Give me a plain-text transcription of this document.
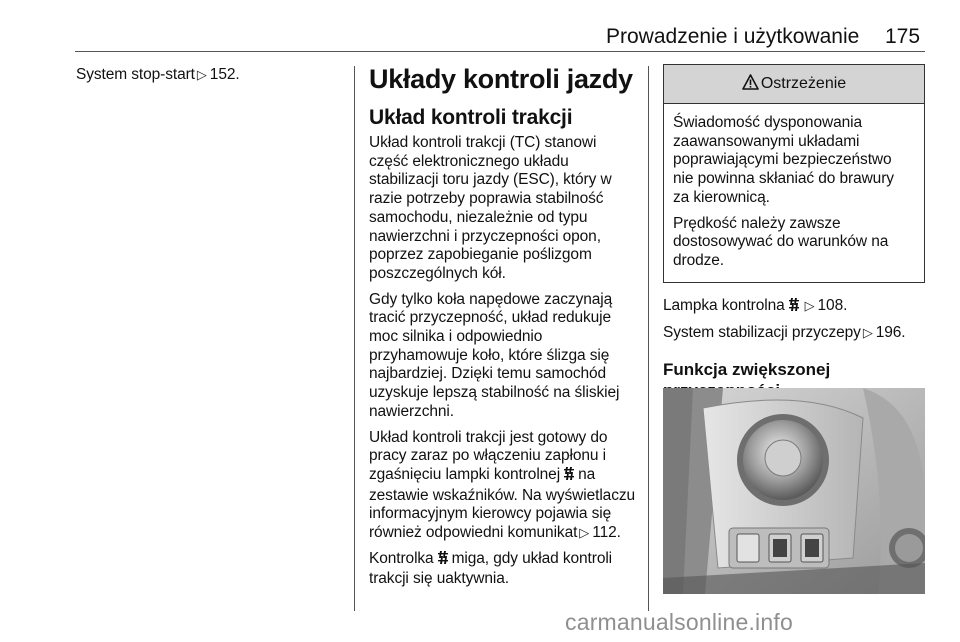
Prowadzenie i użytkowanie 175

System stop-start ▷ 152.	Układy kontroli jazdy
Układ kontroli trakcji

Układ kontroli trakcji (TC) stanowi część elektronicznego układu stabilizacji toru jazdy (ESC), który w razie potrzeby poprawia stabilność samochodu, niezależnie od typu nawierzchni i przyczepności opon, poprzez zapobieganie poślizgom poszczególnych kół.

Gdy tylko koła napędowe zaczynają tracić przyczepność, układ redukuje moc silnika i odpowiednio przyhamowuje koło, które ślizga się najbardziej. Dzięki temu samochód uzyskuje lepszą stabilność na śliskiej nawierzchni.

Układ kontroli trakcji jest gotowy do pracy zaraz po włączeniu zapłonu i zgaśnięciu lampki kontrolnej na zestawie wskaźników. Na wyświetlaczu informacyjnym kierowcy pojawia się również odpowiedni komunikat ▷ 112.

Kontrolka miga, gdy układ kontroli trakcji się uaktywnia.

Ostrzeżenie

Świadomość dysponowania zaawansowanymi układami poprawiającymi bezpieczeństwo nie powinna skłaniać do brawury za kierownicą.

Prędkość należy zawsze dostosowywać do warunków na drodze.

Lampka kontrolna ▷ 108.

System stabilizacji przyczepy ▷ 196.

Funkcja zwiększonej
carmanualsonline.info
